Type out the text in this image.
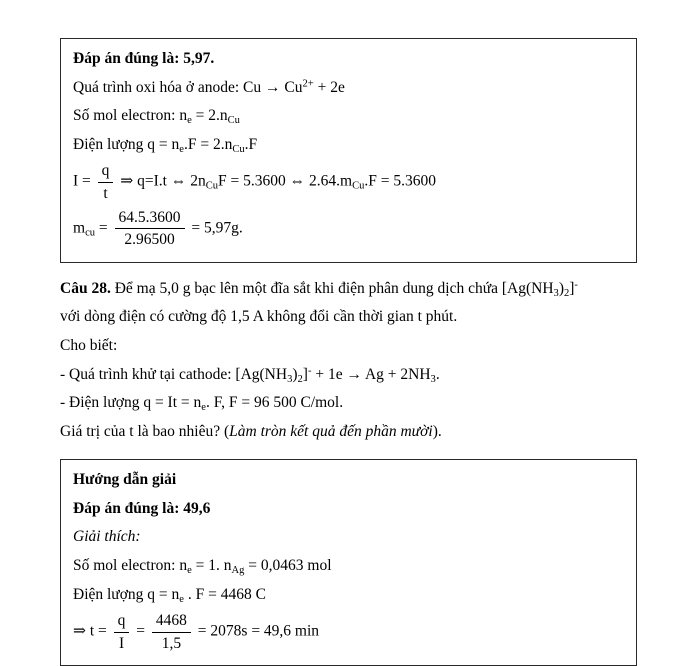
Đáp án đúng là: 5,97.
Quá trình oxi hóa ở anode: $Cu \to Cu^{2+} + 2e$
Số mol electron: $n_e = 2.n_{Cu}$
Điện lượng $q = n_e.F = 2.n_{Cu}.F$
$I = \frac{q}{t}$ ⇒ q=I.t ⇔ $2n_{Cu}F = 5.3600$ ⇔ $2.64.m_{Cu}.F = 5.3600$
$m_{cu} = \frac{64.5.3600}{2.96500} = 5,97g$.
Câu 28. Để mạ 5,0 g bạc lên một đĩa sắt khi điện phân dung dịch chứa $[Ag(NH_3)_2]^-$
với dòng điện có cường độ 1,5 A không đổi cần thời gian t phút.
Cho biết:
- Quá trình khử tại cathode: $[Ag(NH_3)_2]^- + 1e \to Ag + 2NH_3$.
- Điện lượng $q = It = n_e$. F, F = 96 500 C/mol.
Giá trị của t là bao nhiêu? (Làm tròn kết quả đến phần mười).
Hướng dẫn giải
Đáp án đúng là: 49,6
Giải thích:
Số mol electron: $n_e = 1$. $n_{Ag} = 0,0463$ mol
Điện lượng $q = n_e$ . F = 4468 C
⇒ $t = \frac{q}{I} = \frac{4468}{1,5} = 2078s = 49,6$ min
